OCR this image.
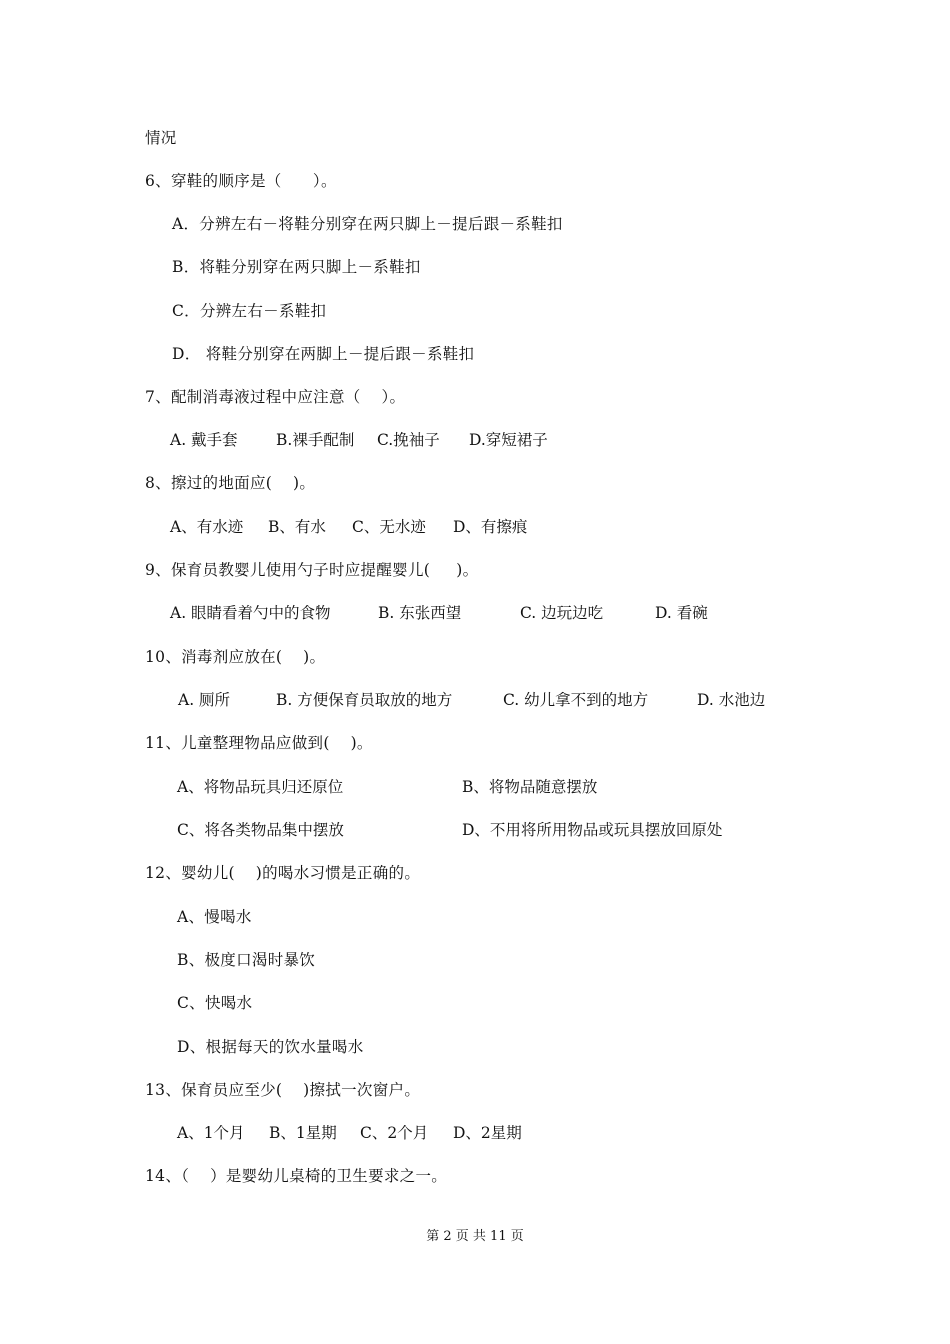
情况
6、穿鞋的顺序是（      ）。
A．分辨左右－将鞋分别穿在两只脚上－提后跟－系鞋扣
B．将鞋分别穿在两只脚上－系鞋扣
C．分辨左右－系鞋扣
D． 将鞋分别穿在两脚上－提后跟－系鞋扣
7、配制消毒液过程中应注意（    ）。
A. 戴手套 B.裸手配制 C.挽袖子 D.穿短裙子
8、擦过的地面应(    )。
A、有水迹 B、有水 C、无水迹 D、有擦痕
9、保育员教婴儿使用勺子时应提醒婴儿(     )。
A. 眼睛看着勺中的食物	B. 东张西望	C. 边玩边吃	D. 看碗
10、消毒剂应放在(    )。
A. 厕所	B. 方便保育员取放的地方	C. 幼儿拿不到的地方	D. 水池边
11、儿童整理物品应做到(    )。
A、将物品玩具归还原位	B、将物品随意摆放
C、将各类物品集中摆放	D、不用将所用物品或玩具摆放回原处
12、婴幼儿(    )的喝水习惯是正确的。
A、慢喝水
B、极度口渴时暴饮
C、快喝水
D、根据每天的饮水量喝水
13、保育员应至少(    )擦拭一次窗户。
A、1个月 B、1星期 C、2个月 D、2星期
14、（    ）是婴幼儿桌椅的卫生要求之一。
第 2 页 共 11 页
